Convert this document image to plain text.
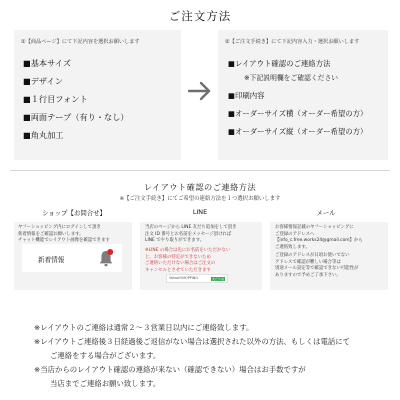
ご注文方法
①【商品ページ】にて下記内容を選択お願いします
■基本サイズ
■デザイン
■１行目フォント
■両面テープ（有り・なし）
■角丸加工
②【ご注文手続き】にて下記内容入力・選択お願いします
■レイアウト確認のご連絡方法
※下記説明欄をご確認ください
■印刷内容
■オーダーサイズ横（オーダー希望の方）
■オーダーサイズ縦（オーダー希望の方）
レイアウト確認のご連絡方法
※【ご注文手続き】にてご希望の連絡方法を１つ選択お願いします
ショップ【お問合せ】	LINE	メール
ヤフーショッピング内にログインして頂き
新着情報をご確認お願いします。
チャット機能でレイアウト画像を確認できます
新着情報
当店のページから LINE 友だち追加をして頂き
注文 ID 番号とお名前をメッセージ頂ければ
LINE でやり取りができます。
※LINE の場合は先にお名前をいただかない
と、お客様の特定ができないため
ご連絡いただけない場合はご注文の
キャンセルとさせていただきます
Yahoo!SHOPPING	友だち追加
お客様情報記載のヤフーショッピングに
ご登録のアドレスへ
【info_c.free.works24@gmail.com】から
ご連絡致します。
ご登録のアドレスが日頃お使いでない
アドレスで確認が難しい場合等は
別途メール設定等で確認できない可能性が
ありますので予めご了承下さい。
※レイアウトのご連絡は通常２～３営業日以内にご連絡致します。
※レイアウトご連絡後３日経過後ご返信がない場合は選択された以外の方法、もしくは電話にて
ご連絡をする場合がございます。
※当店からのレイアウト確認の連絡が来ない（確認できない）場合はお手数ですが
当店までご連絡お願い致します。
